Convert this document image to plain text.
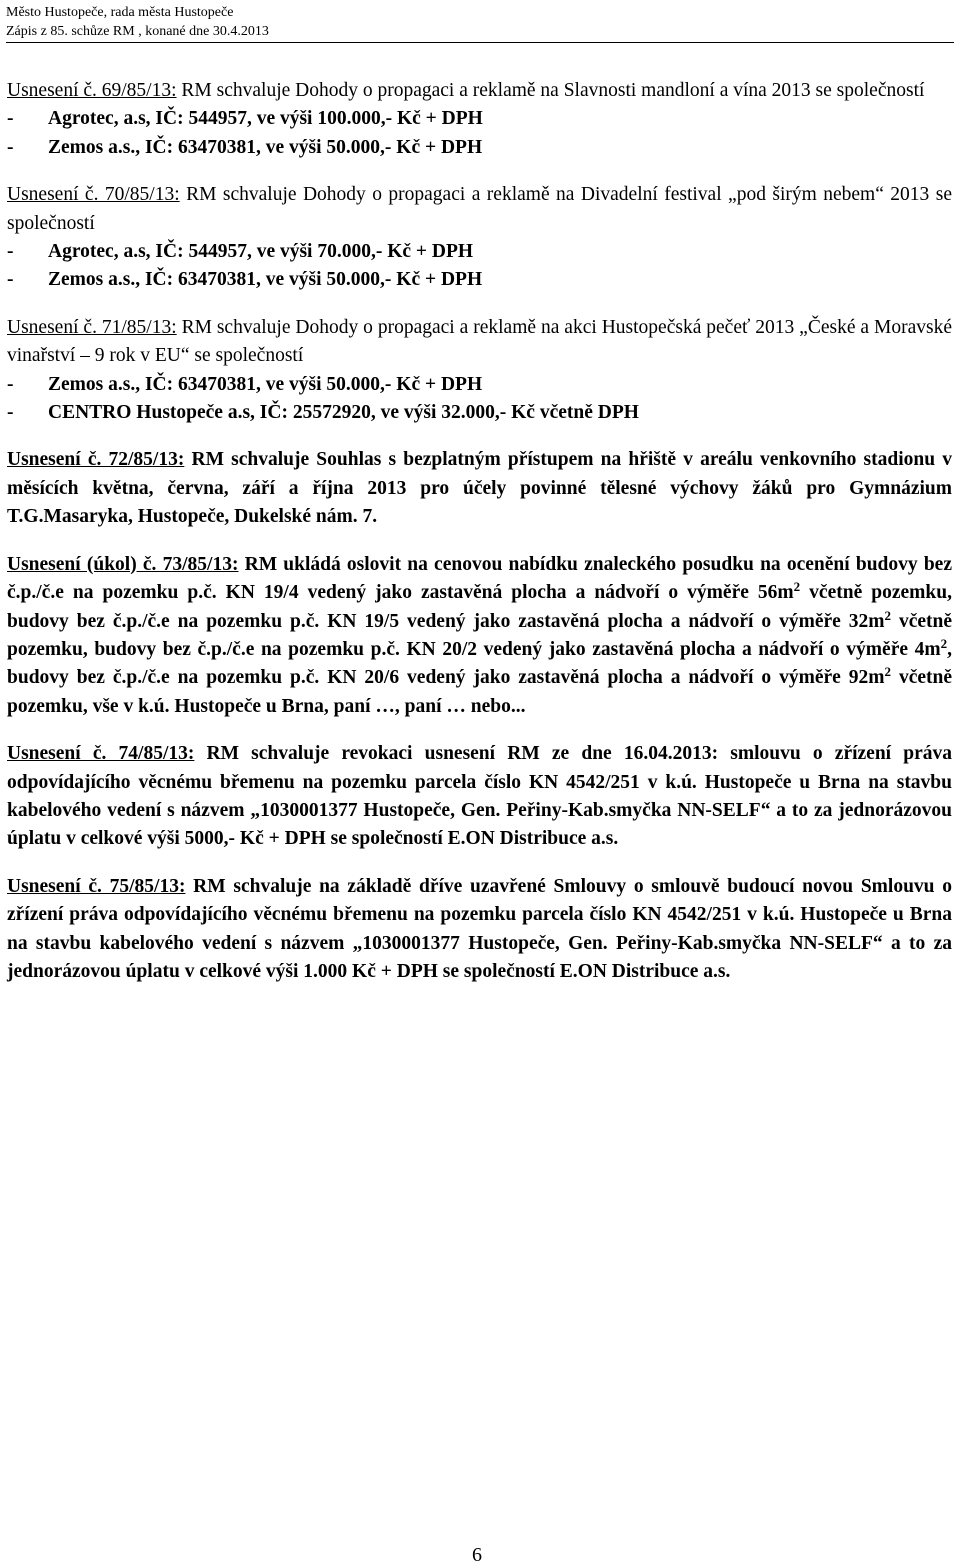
Město Hustopeče, rada města Hustopeče
Zápis z 85. schůze RM , konané dne 30.4.2013

Usnesení č. 69/85/13: RM schvaluje Dohody o propagaci a reklamě na Slavnosti mandloní a vína 2013 se společností

- Agrotec, a.s, IČ: 544957, ve výši 100.000,- Kč + DPH

- Zemos a.s., IČ: 63470381, ve výši 50.000,- Kč + DPH

Usnesení č. 70/85/13: RM schvaluje Dohody o propagaci a reklamě na Divadelní festival „pod širým nebem“ 2013 se společností

- Agrotec, a.s, IČ: 544957, ve výši 70.000,- Kč + DPH

- Zemos a.s., IČ: 63470381, ve výši 50.000,- Kč + DPH

Usnesení č. 71/85/13: RM schvaluje Dohody o propagaci a reklamě na akci Hustopečská pečeť 2013 „České a Moravské vinařství – 9 rok v EU“ se společností

- Zemos a.s., IČ: 63470381, ve výši 50.000,- Kč + DPH

- CENTRO Hustopeče a.s, IČ: 25572920, ve výši 32.000,- Kč včetně DPH

Usnesení č. 72/85/13: RM schvaluje Souhlas s bezplatným přístupem na hřiště v areálu venkovního stadionu v měsících května, června, září a října 2013 pro účely povinné tělesné výchovy žáků pro Gymnázium T.G.Masaryka, Hustopeče, Dukelské nám. 7.

Usnesení (úkol) č. 73/85/13: RM ukládá oslovit na cenovou nabídku znaleckého posudku na ocenění budovy bez č.p./č.e na pozemku p.č. KN 19/4 vedený jako zastavěná plocha a nádvoří o výměře $56m^2$ včetně pozemku, budovy bez č.p./č.e na pozemku p.č. KN 19/5 vedený jako zastavěná plocha a nádvoří o výměře $32m^2$ včetně pozemku, budovy bez č.p./č.e na pozemku p.č. KN 20/2 vedený jako zastavěná plocha a nádvoří o výměře $4m^2$, budovy bez č.p./č.e na pozemku p.č. KN 20/6 vedený jako zastavěná plocha a nádvoří o výměře $92m^2$ včetně pozemku, vše v k.ú. Hustopeče u Brna, paní …, paní … nebo...

Usnesení č. 74/85/13: RM schvaluje revokaci usnesení RM ze dne 16.04.2013: smlouvu o zřízení práva odpovídajícího věcnému břemenu na pozemku parcela číslo KN 4542/251 v k.ú. Hustopeče u Brna na stavbu kabelového vedení s názvem „1030001377 Hustopeče, Gen. Peřiny-Kab.smyčka NN-SELF“ a to za jednorázovou úplatu v celkové výši 5000,- Kč + DPH se společností E.ON Distribuce a.s.

Usnesení č. 75/85/13: RM schvaluje na základě dříve uzavřené Smlouvy o smlouvě budoucí novou Smlouvu o zřízení práva odpovídajícího věcnému břemenu na pozemku parcela číslo KN 4542/251 v k.ú. Hustopeče u Brna na stavbu kabelového vedení s názvem „1030001377 Hustopeče, Gen. Peřiny-Kab.smyčka NN-SELF“ a to za jednorázovou úplatu v celkové výši 1.000 Kč + DPH se společností E.ON Distribuce a.s.

6
